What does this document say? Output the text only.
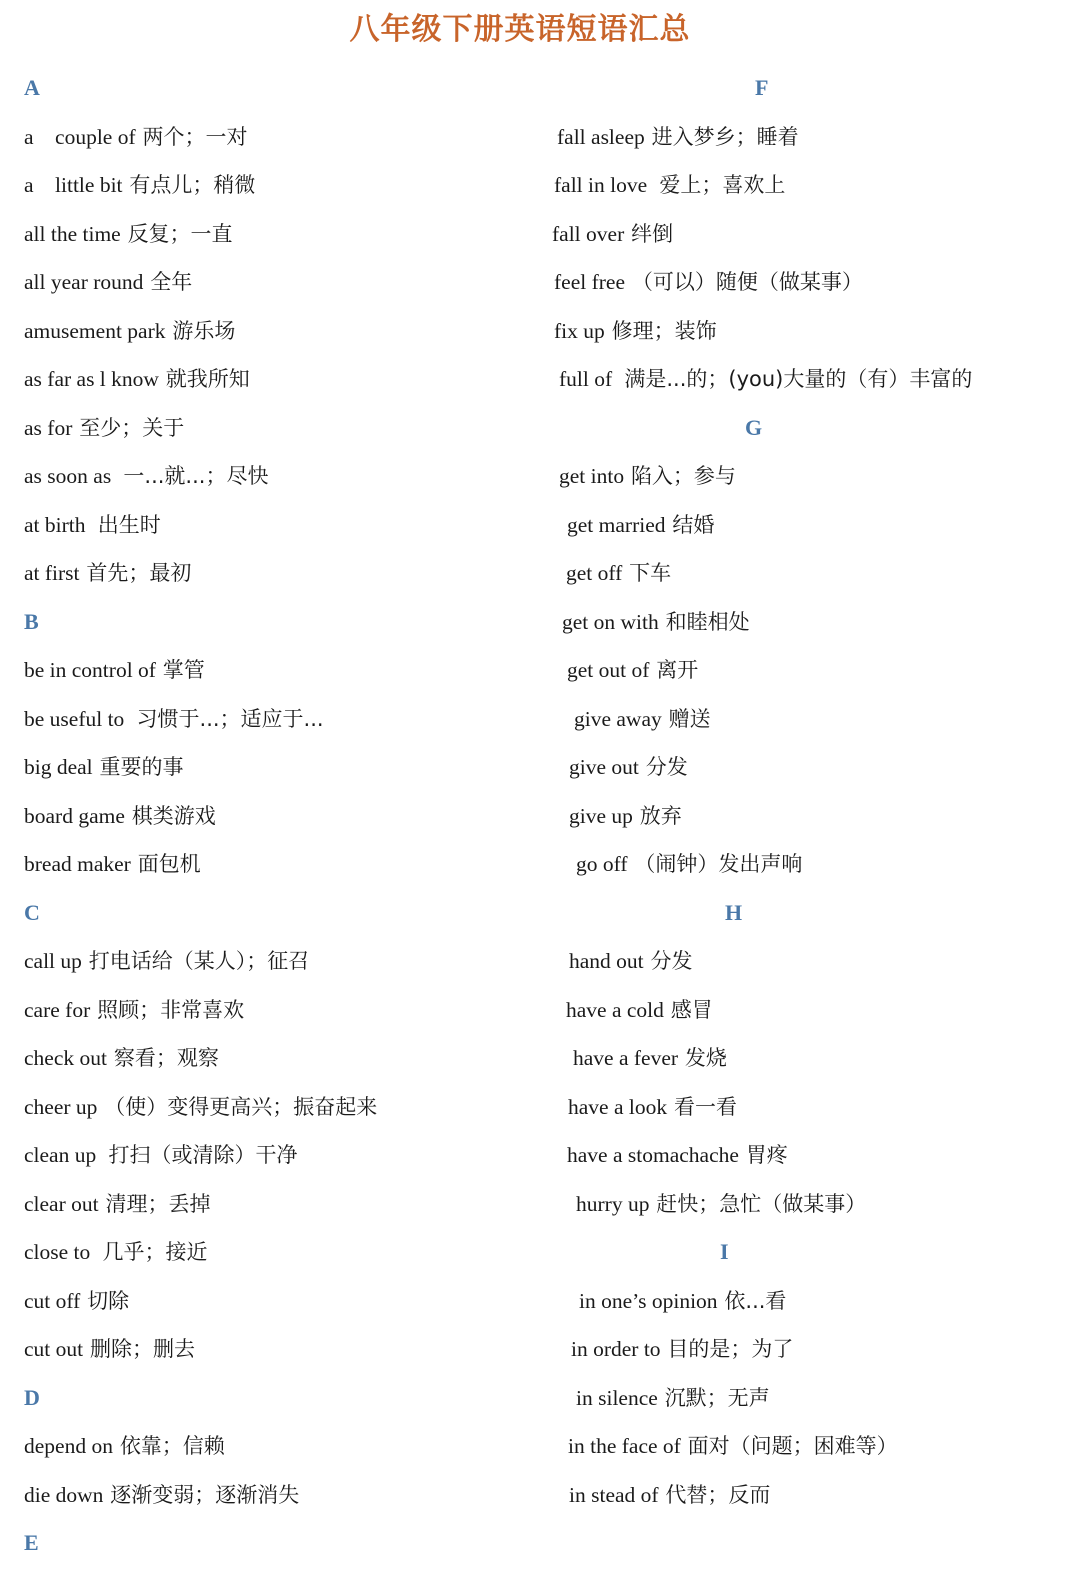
八年级下册英语短语汇总
A
a    couple of 两个；一对
a    little bit 有点儿；稍微
all the time 反复；一直
all year round 全年
amusement park 游乐场
as far as l know 就我所知
as for 至少；关于
as soon as  一...就...；尽快
at birth  出生时
at first 首先；最初
B
be in control of 掌管
be useful to  习惯于...；适应于...
big deal 重要的事
board game 棋类游戏
bread maker 面包机
C
call up 打电话给（某人）；征召
care for 照顾；非常喜欢
check out 察看；观察
cheer up （使）变得更高兴；振奋起来
clean up  打扫（或清除）干净
clear out 清理；丢掉
close to  几乎；接近
cut off 切除
cut out 删除；删去
D
depend on 依靠；信赖
die down 逐渐变弱；逐渐消失
E
F
fall asleep 进入梦乡；睡着
fall in love  爱上；喜欢上
fall over 绊倒
feel free （可以）随便（做某事）
fix up 修理；装饰
full of  满是...的；(you)大量的（有）丰富的
G
get into 陷入；参与
get married 结婚
get off 下车
get on with 和睦相处
get out of 离开
give away 赠送
give out 分发
give up 放弃
go off （闹钟）发出声响
H
hand out 分发
have a cold 感冒
have a fever 发烧
have a look 看一看
have a stomachache 胃疼
hurry up 赶快；急忙（做某事）
I
in one’s opinion 依...看
in order to 目的是；为了
in silence 沉默；无声
in the face of 面对（问题；困难等）
in stead of 代替；反而
